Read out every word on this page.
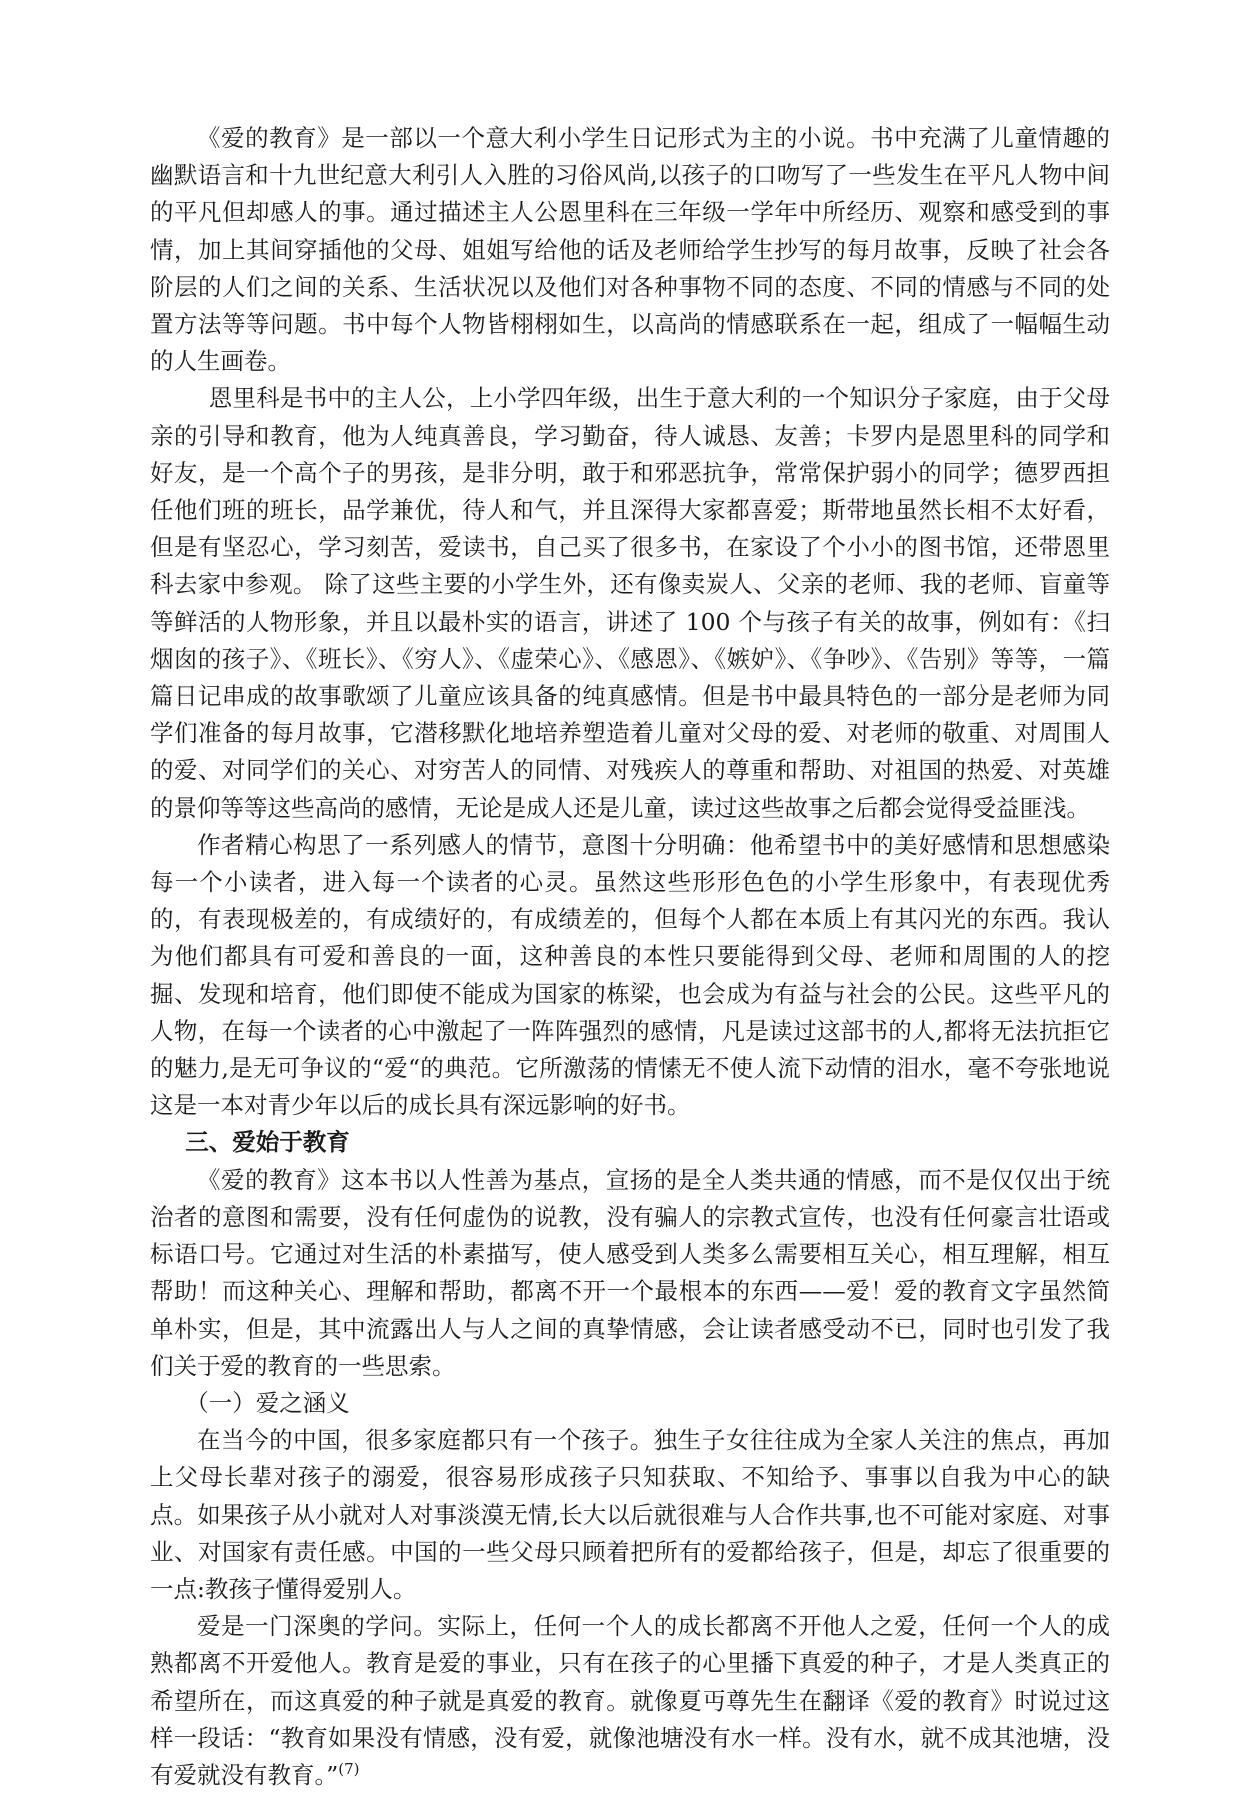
《爱的教育》是一部以一个意大利小学生日记形式为主的小说。书中充满了儿童情趣的幽默语言和十九世纪意大利引人入胜的习俗风尚,以孩子的口吻写了一些发生在平凡人物中间的平凡但却感人的事。通过描述主人公恩里科在三年级一学年中所经历、观察和感受到的事情，加上其间穿插他的父母、姐姐写给他的话及老师给学生抄写的每月故事，反映了社会各阶层的人们之间的关系、生活状况以及他们对各种事物不同的态度、不同的情感与不同的处置方法等等问题。书中每个人物皆栩栩如生，以高尚的情感联系在一起，组成了一幅幅生动的人生画卷。

恩里科是书中的主人公，上小学四年级，出生于意大利的一个知识分子家庭，由于父母亲的引导和教育，他为人纯真善良，学习勤奋，待人诚恳、友善；卡罗内是恩里科的同学和好友，是一个高个子的男孩，是非分明，敢于和邪恶抗争，常常保护弱小的同学；德罗西担任他们班的班长，品学兼优，待人和气，并且深得大家都喜爱；斯带地虽然长相不太好看，但是有坚忍心，学习刻苦，爱读书，自己买了很多书，在家设了个小小的图书馆，还带恩里科去家中参观。 除了这些主要的小学生外，还有像卖炭人、父亲的老师、我的老师、盲童等等鲜活的人物形象，并且以最朴实的语言，讲述了 100 个与孩子有关的故事，例如有：《扫烟囱的孩子》、《班长》、《穷人》、《虚荣心》、《感恩》、《嫉妒》、《争吵》、《告别》等等，一篇篇日记串成的故事歌颂了儿童应该具备的纯真感情。但是书中最具特色的一部分是老师为同学们准备的每月故事，它潜移默化地培养塑造着儿童对父母的爱、对老师的敬重、对周围人的爱、对同学们的关心、对穷苦人的同情、对残疾人的尊重和帮助、对祖国的热爱、对英雄的景仰等等这些高尚的感情，无论是成人还是儿童，读过这些故事之后都会觉得受益匪浅。

作者精心构思了一系列感人的情节，意图十分明确：他希望书中的美好感情和思想感染每一个小读者，进入每一个读者的心灵。虽然这些形形色色的小学生形象中，有表现优秀的，有表现极差的，有成绩好的，有成绩差的，但每个人都在本质上有其闪光的东西。我认为他们都具有可爱和善良的一面，这种善良的本性只要能得到父母、老师和周围的人的挖掘、发现和培育，他们即使不能成为国家的栋梁，也会成为有益与社会的公民。这些平凡的人物，在每一个读者的心中激起了一阵阵强烈的感情，凡是读过这部书的人,都将无法抗拒它的魅力,是无可争议的“爱“的典范。它所激荡的情愫无不使人流下动情的泪水，毫不夸张地说这是一本对青少年以后的成长具有深远影响的好书。

三、爱始于教育

《爱的教育》这本书以人性善为基点，宣扬的是全人类共通的情感，而不是仅仅出于统治者的意图和需要，没有任何虚伪的说教，没有骗人的宗教式宣传，也没有任何豪言壮语或标语口号。它通过对生活的朴素描写，使人感受到人类多么需要相互关心，相互理解，相互帮助！而这种关心、理解和帮助，都离不开一个最根本的东西——爱！爱的教育文字虽然简单朴实，但是，其中流露出人与人之间的真挚情感，会让读者感受动不已，同时也引发了我们关于爱的教育的一些思索。

（一）爱之涵义

在当今的中国，很多家庭都只有一个孩子。独生子女往往成为全家人关注的焦点，再加上父母长辈对孩子的溺爱，很容易形成孩子只知获取、不知给予、事事以自我为中心的缺点。如果孩子从小就对人对事淡漠无情,长大以后就很难与人合作共事,也不可能对家庭、对事业、对国家有责任感。中国的一些父母只顾着把所有的爱都给孩子，但是，却忘了很重要的一点:教孩子懂得爱别人。

爱是一门深奥的学问。实际上，任何一个人的成长都离不开他人之爱，任何一个人的成熟都离不开爱他人。教育是爱的事业，只有在孩子的心里播下真爱的种子，才是人类真正的希望所在，而这真爱的种子就是真爱的教育。就像夏丏尊先生在翻译《爱的教育》时说过这样一段话：“教育如果没有情感，没有爱，就像池塘没有水一样。没有水，就不成其池塘，没有爱就没有教育。”$^{(7)}$
